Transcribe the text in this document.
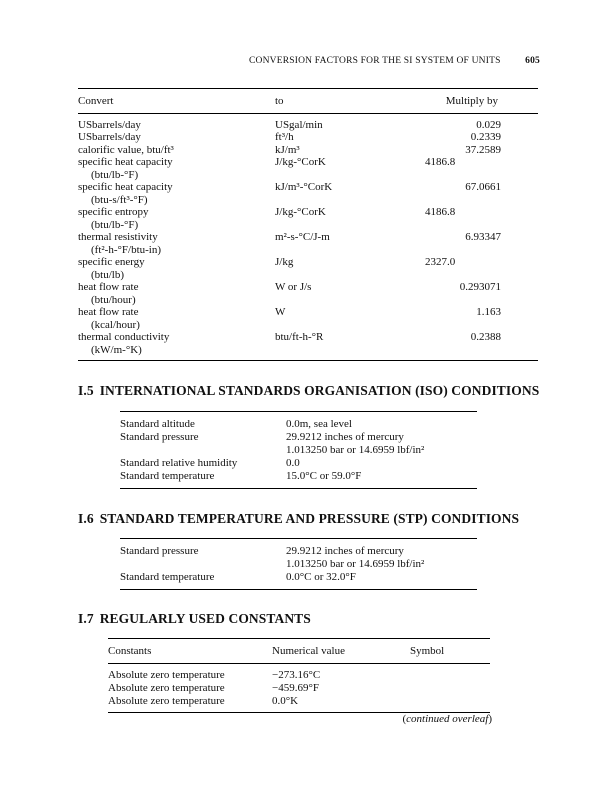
CONVERSION FACTORS FOR THE SI SYSTEM OF UNITS	605
Convert	to	Multiply by
USbarrels/day	USgal/min	0.029
USbarrels/day	ft³/h	0.2339
calorific value, btu/ft³	kJ/m³	37.2589
specific heat capacity
(btu/lb-°F)	J/kg-°CorK	4186.8
specific heat capacity
(btu-s/ft³-°F)	kJ/m³-°CorK	67.0661
specific entropy
(btu/lb-°F)	J/kg-°CorK	4186.8
thermal resistivity
(ft²-h-°F/btu-in)	m²-s-°C/J-m	6.93347
specific energy
(btu/lb)	J/kg	2327.0
heat flow rate
(btu/hour)	W or J/s	0.293071
heat flow rate
(kcal/hour)	W	1.163
thermal conductivity
(kW/m-°K)	btu/ft-h-°R	0.2388
I.5 INTERNATIONAL STANDARDS ORGANISATION (ISO) CONDITIONS
Standard altitude	0.0m, sea level
Standard pressure	29.9212 inches of mercury
	1.013250 bar or 14.6959 lbf/in²
Standard relative humidity	0.0
Standard temperature	15.0°C or 59.0°F
I.6 STANDARD TEMPERATURE AND PRESSURE (STP) CONDITIONS
Standard pressure	29.9212 inches of mercury
	1.013250 bar or 14.6959 lbf/in²
Standard temperature	0.0°C or 32.0°F
I.7 REGULARLY USED CONSTANTS
Constants	Numerical value	Symbol
Absolute zero temperature	−273.16°C	
Absolute zero temperature	−459.69°F	
Absolute zero temperature	0.0°K	
(continued overleaf)
